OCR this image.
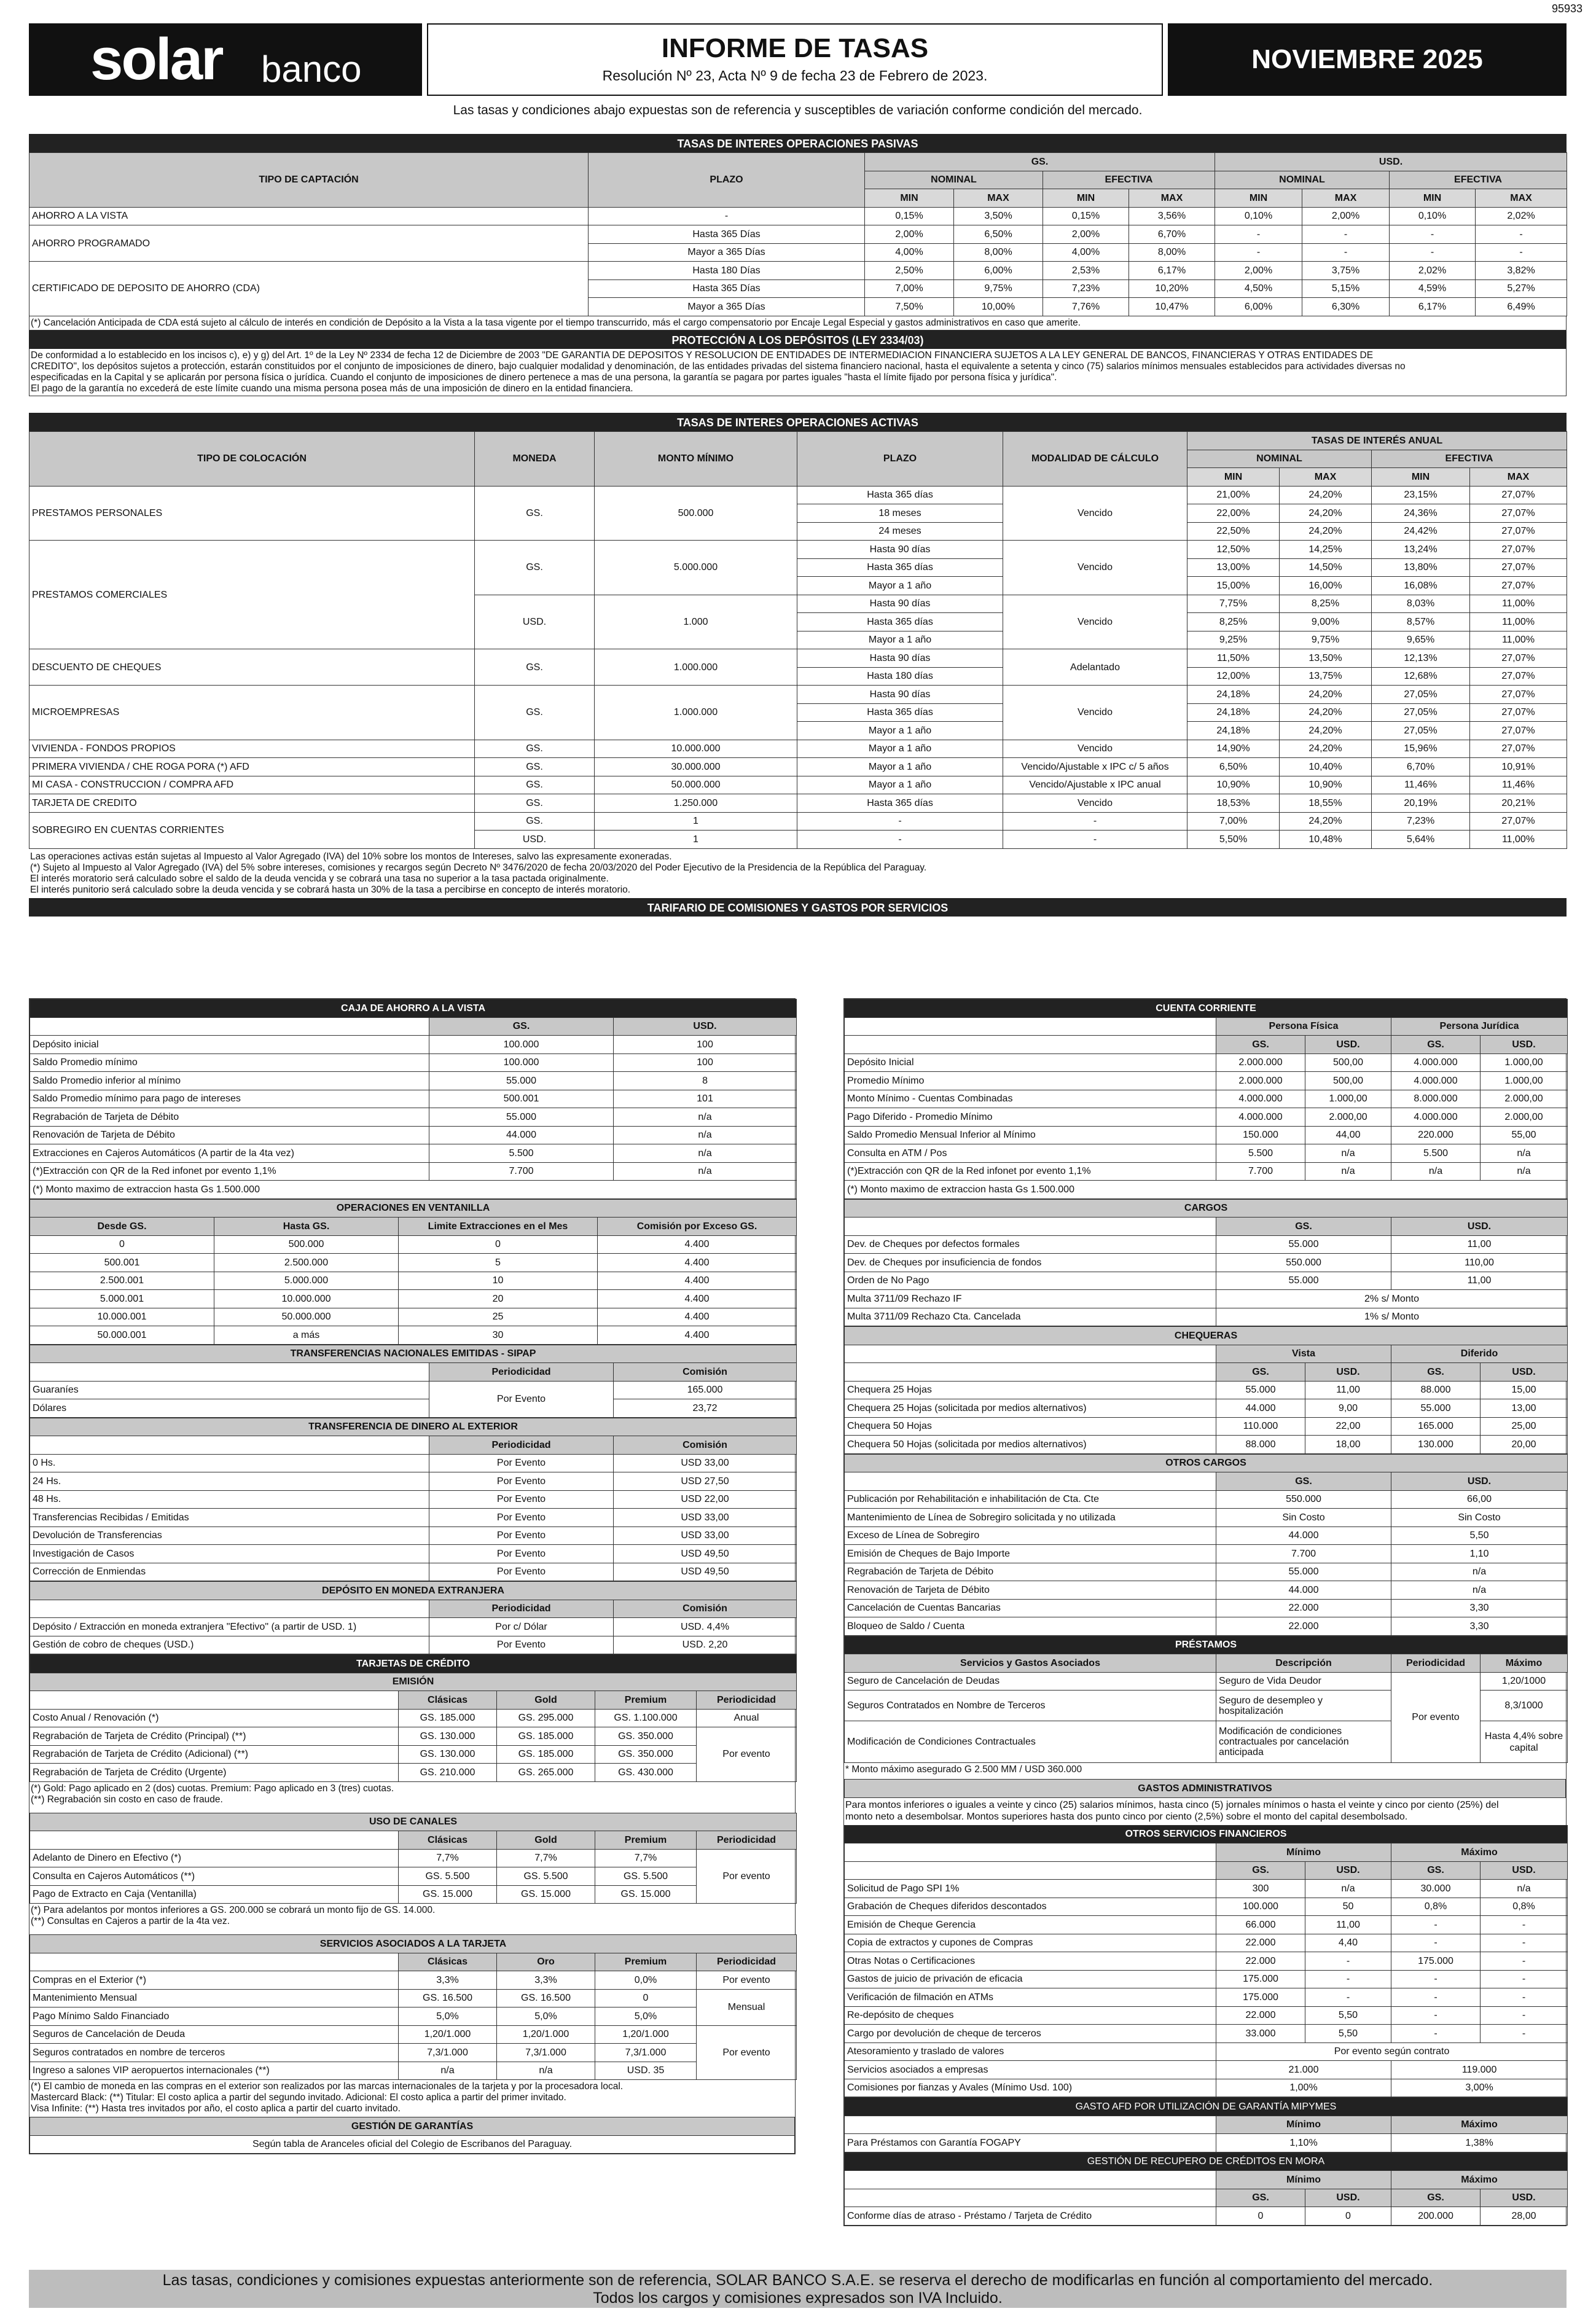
95933
solar banco
INFORME DE TASAS
Resolución Nº 23, Acta Nº 9 de fecha 23 de Febrero de 2023.
NOVIEMBRE 2025
Las tasas y condiciones abajo expuestas son de referencia y susceptibles de variación conforme condición del mercado.
TASAS DE INTERES OPERACIONES PASIVAS
TIPO DE CAPTACIÓN	PLAZO	GS.				USD.			
		NOMINAL		EFECTIVA		NOMINAL		EFECTIVA	
		MIN	MAX	MIN	MAX	MIN	MAX	MIN	MAX
AHORRO A LA VISTA	-	0,15%	3,50%	0,15%	3,56%	0,10%	2,00%	0,10%	2,02%
AHORRO PROGRAMADO	Hasta 365 Días	2,00%	6,50%	2,00%	6,70%	-	-	-	-
	Mayor a 365 Días	4,00%	8,00%	4,00%	8,00%	-	-	-	-
CERTIFICADO DE DEPOSITO DE AHORRO (CDA)	Hasta 180 Días	2,50%	6,00%	2,53%	6,17%	2,00%	3,75%	2,02%	3,82%
	Hasta 365 Días	7,00%	9,75%	7,23%	10,20%	4,50%	5,15%	4,59%	5,27%
	Mayor a 365 Días	7,50%	10,00%	7,76%	10,47%	6,00%	6,30%	6,17%	6,49%
(*) Cancelación Anticipada de CDA está sujeto al cálculo de interés en condición de Depósito a la Vista a la tasa vigente por el tiempo transcurrido, más el cargo compensatorio por Encaje Legal Especial y gastos administrativos en caso que amerite.
PROTECCIÓN A LOS DEPÓSITOS (LEY 2334/03)
De conformidad a lo establecido en los incisos c), e) y g) del Art. 1º de la Ley Nº 2334 de fecha 12 de Diciembre de 2003 "DE GARANTIA DE DEPOSITOS Y RESOLUCION DE ENTIDADES DE INTERMEDIACION FINANCIERA SUJETOS A LA LEY GENERAL DE BANCOS, FINANCIERAS Y OTRAS ENTIDADES DE
CREDITO", los depósitos sujetos a protección, estarán constituidos por el conjunto de imposiciones de dinero, bajo cualquier modalidad y denominación, de las entidades privadas del sistema financiero nacional, hasta el equivalente a setenta y cinco (75) salarios mínimos mensuales establecidos para actividades diversas no
especificadas en la Capital y se aplicarán por persona física o jurídica. Cuando el conjunto de imposiciones de dinero pertenece a mas de una persona, la garantía se pagara por partes iguales "hasta el límite fijado por persona física y jurídica".
El pago de la garantía no excederá de este límite cuando una misma persona posea más de una imposición de dinero en la entidad financiera.
TASAS DE INTERES OPERACIONES ACTIVAS
TIPO DE COLOCACIÓN	MONEDA	MONTO MÍNIMO	PLAZO	MODALIDAD DE CÁLCULO	TASAS DE INTERÉS ANUAL			
					NOMINAL		EFECTIVA	
					MIN	MAX	MIN	MAX
PRESTAMOS PERSONALES	GS.	500.000	Hasta 365 días	Vencido	21,00%	24,20%	23,15%	27,07%
			18 meses		22,00%	24,20%	24,36%	27,07%
			24 meses		22,50%	24,20%	24,42%	27,07%
PRESTAMOS COMERCIALES	GS.	5.000.000	Hasta 90 días	Vencido	12,50%	14,25%	13,24%	27,07%
			Hasta 365 días		13,00%	14,50%	13,80%	27,07%
			Mayor a 1 año		15,00%	16,00%	16,08%	27,07%
	USD.	1.000	Hasta 90 días	Vencido	7,75%	8,25%	8,03%	11,00%
			Hasta 365 días		8,25%	9,00%	8,57%	11,00%
			Mayor a 1 año		9,25%	9,75%	9,65%	11,00%
DESCUENTO DE CHEQUES	GS.	1.000.000	Hasta 90 días	Adelantado	11,50%	13,50%	12,13%	27,07%
			Hasta 180 días		12,00%	13,75%	12,68%	27,07%
MICROEMPRESAS	GS.	1.000.000	Hasta 90 días	Vencido	24,18%	24,20%	27,05%	27,07%
			Hasta 365 días		24,18%	24,20%	27,05%	27,07%
			Mayor a 1 año		24,18%	24,20%	27,05%	27,07%
VIVIENDA - FONDOS PROPIOS	GS.	10.000.000	Mayor a 1 año	Vencido	14,90%	24,20%	15,96%	27,07%
PRIMERA VIVIENDA / CHE ROGA PORA (*) AFD	GS.	30.000.000	Mayor a 1 año	Vencido/Ajustable x IPC c/ 5 años	6,50%	10,40%	6,70%	10,91%
MI CASA - CONSTRUCCION / COMPRA AFD	GS.	50.000.000	Mayor a 1 año	Vencido/Ajustable x IPC anual	10,90%	10,90%	11,46%	11,46%
TARJETA DE CREDITO	GS.	1.250.000	Hasta 365 días	Vencido	18,53%	18,55%	20,19%	20,21%
SOBREGIRO EN CUENTAS CORRIENTES	GS.	1	-	-	7,00%	24,20%	7,23%	27,07%
	USD.	1	-	-	5,50%	10,48%	5,64%	11,00%
Las operaciones activas están sujetas al Impuesto al Valor Agregado (IVA) del 10% sobre los montos de Intereses, salvo las expresamente exoneradas.
(*) Sujeto al Impuesto al Valor Agregado (IVA) del 5% sobre intereses, comisiones y recargos según Decreto Nº 3476/2020 de fecha 20/03/2020 del Poder Ejecutivo de la Presidencia de la República del Paraguay.
El interés moratorio será calculado sobre el saldo de la deuda vencida y se cobrará una tasa no superior a la tasa pactada originalmente.
El interés punitorio será calculado sobre la deuda vencida y se cobrará hasta un 30% de la tasa a percibirse en concepto de interés moratorio.
TARIFARIO DE COMISIONES Y GASTOS POR SERVICIOS
CAJA DE AHORRO A LA VISTA		
	GS.	USD.
Depósito inicial	100.000	100
Saldo Promedio mínimo	100.000	100
Saldo Promedio inferior al mínimo	55.000	8
Saldo Promedio mínimo para pago de intereses	500.001	101
Regrabación de Tarjeta de Débito	55.000	n/a
Renovación de Tarjeta de Débito	44.000	n/a
Extracciones en Cajeros Automáticos (A partir de la 4ta vez)	5.500	n/a
(*)Extracción con QR de la Red infonet por evento 1,1%	7.700	n/a
(*) Monto maximo de extraccion hasta Gs 1.500.000		
OPERACIONES EN VENTANILLA			
Desde GS.	Hasta GS.	Limite Extracciones en el Mes	Comisión por Exceso GS.
0	500.000	0	4.400
500.001	2.500.000	5	4.400
2.500.001	5.000.000	10	4.400
5.000.001	10.000.000	20	4.400
10.000.001	50.000.000	25	4.400
50.000.001	a más	30	4.400
TRANSFERENCIAS NACIONALES EMITIDAS - SIPAP		
	Periodicidad	Comisión
Guaraníes	Por Evento	165.000
Dólares		23,72
TRANSFERENCIA DE DINERO AL EXTERIOR		
	Periodicidad	Comisión
0 Hs.	Por Evento	USD 33,00
24 Hs.	Por Evento	USD 27,50
48 Hs.	Por Evento	USD 22,00
Transferencias Recibidas / Emitidas	Por Evento	USD 33,00
Devolución de Transferencias	Por Evento	USD 33,00
Investigación de Casos	Por Evento	USD 49,50
Corrección de Enmiendas	Por Evento	USD 49,50
DEPÓSITO EN MONEDA EXTRANJERA		
	Periodicidad	Comisión
Depósito / Extracción en moneda extranjera "Efectivo" (a partir de USD. 1)	Por c/ Dólar	USD. 4,4%
Gestión de cobro de cheques (USD.)	Por Evento	USD. 2,20
TARJETAS DE CRÉDITO				
EMISIÓN				
	Clásicas	Gold	Premium	Periodicidad
Costo Anual / Renovación (*)	GS. 185.000	GS. 295.000	GS. 1.100.000	Anual
Regrabación de Tarjeta de Crédito (Principal) (**)	GS. 130.000	GS. 185.000	GS. 350.000	Por evento
Regrabación de Tarjeta de Crédito (Adicional) (**)	GS. 130.000	GS. 185.000	GS. 350.000	
Regrabación de Tarjeta de Crédito (Urgente)	GS. 210.000	GS. 265.000	GS. 430.000	
(*) Gold: Pago aplicado en 2 (dos) cuotas. Premium: Pago aplicado en 3 (tres) cuotas.
(**) Regrabación sin costo en caso de fraude.
USO DE CANALES				
	Clásicas	Gold	Premium	Periodicidad
Adelanto de Dinero en Efectivo (*)	7,7%	7,7%	7,7%	Por evento
Consulta en Cajeros Automáticos (**)	GS. 5.500	GS. 5.500	GS. 5.500	
Pago de Extracto en Caja (Ventanilla)	GS. 15.000	GS. 15.000	GS. 15.000	
(*) Para adelantos por montos inferiores a GS. 200.000 se cobrará un monto fijo de GS. 14.000.
(**) Consultas en Cajeros a partir de la 4ta vez.
SERVICIOS ASOCIADOS A LA TARJETA				
	Clásicas	Oro	Premium	Periodicidad
Compras en el Exterior (*)	3,3%	3,3%	0,0%	Por evento
Mantenimiento Mensual	GS. 16.500	GS. 16.500	0	Mensual
Pago Mínimo Saldo Financiado	5,0%	5,0%	5,0%	
Seguros de Cancelación de Deuda	1,20/1.000	1,20/1.000	1,20/1.000	Por evento
Seguros contratados en nombre de terceros	7,3/1.000	7,3/1.000	7,3/1.000	
Ingreso a salones VIP aeropuertos internacionales (**)	n/a	n/a	USD. 35	
(*) El cambio de moneda en las compras en el exterior son realizados por las marcas internacionales de la tarjeta y por la procesadora local.
Mastercard Black: (**) Titular: El costo aplica a partir del segundo invitado. Adicional: El costo aplica a partir del primer invitado.
Visa Infinite: (**) Hasta tres invitados por año, el costo aplica a partir del cuarto invitado.
GESTIÓN DE GARANTÍAS
Según tabla de Aranceles oficial del Colegio de Escribanos del Paraguay.
CUENTA CORRIENTE				
	Persona Física		Persona Jurídica	
	GS.	USD.	GS.	USD.
Depósito Inicial	2.000.000	500,00	4.000.000	1.000,00
Promedio Mínimo	2.000.000	500,00	4.000.000	1.000,00
Monto Mínimo - Cuentas Combinadas	4.000.000	1.000,00	8.000.000	2.000,00
Pago Diferido - Promedio Mínimo	4.000.000	2.000,00	4.000.000	2.000,00
Saldo Promedio Mensual Inferior al Mínimo	150.000	44,00	220.000	55,00
Consulta en ATM / Pos	5.500	n/a	5.500	n/a
(*)Extracción con QR de la Red infonet por evento 1,1%	7.700	n/a	n/a	n/a
(*) Monto maximo de extraccion hasta Gs 1.500.000				
CARGOS		
	GS.	USD.
Dev. de Cheques por defectos formales	55.000	11,00
Dev. de Cheques por insuficiencia de fondos	550.000	110,00
Orden de No Pago	55.000	11,00
Multa 3711/09 Rechazo IF	2% s/ Monto	
Multa 3711/09 Rechazo Cta. Cancelada	1% s/ Monto	
CHEQUERAS				
	Vista		Diferido	
	GS.	USD.	GS.	USD.
Chequera 25 Hojas	55.000	11,00	88.000	15,00
Chequera 25 Hojas (solicitada por medios alternativos)	44.000	9,00	55.000	13,00
Chequera 50 Hojas	110.000	22,00	165.000	25,00
Chequera 50 Hojas (solicitada por medios alternativos)	88.000	18,00	130.000	20,00
OTROS CARGOS		
	GS.	USD.
Publicación por Rehabilitación e inhabilitación de Cta. Cte	550.000	66,00
Mantenimiento de Línea de Sobregiro solicitada y no utilizada	Sin Costo	Sin Costo
Exceso de Línea de Sobregiro	44.000	5,50
Emisión de Cheques de Bajo Importe	7.700	1,10
Regrabación de Tarjeta de Débito	55.000	n/a
Renovación de Tarjeta de Débito	44.000	n/a
Cancelación de Cuentas Bancarias	22.000	3,30
Bloqueo de Saldo / Cuenta	22.000	3,30
PRÉSTAMOS			
Servicios y Gastos Asociados	Descripción	Periodicidad	Máximo
Seguro de Cancelación de Deudas	Seguro de Vida Deudor	Por evento	1,20/1000
Seguros Contratados en Nombre de Terceros	Seguro de desempleo y hospitalización		8,3/1000
Modificación de Condiciones Contractuales	Modificación de condiciones contractuales por cancelación anticipada		Hasta 4,4% sobre capital
* Monto máximo asegurado G 2.500 MM / USD 360.000
GASTOS ADMINISTRATIVOS
Para montos inferiores o iguales a veinte y cinco (25) salarios mínimos, hasta cinco (5) jornales mínimos o hasta el veinte y cinco por ciento (25%) del
monto neto a desembolsar. Montos superiores hasta dos punto cinco por ciento (2,5%) sobre el monto del capital desembolsado.
OTROS SERVICIOS FINANCIEROS				
	Mínimo		Máximo	
	GS.	USD.	GS.	USD.
Solicitud de Pago SPI 1%	300	n/a	30.000	n/a
Grabación de Cheques diferidos descontados	100.000	50	0,8%	0,8%
Emisión de Cheque Gerencia	66.000	11,00	-	-
Copia de extractos y cupones de Compras	22.000	4,40	-	-
Otras Notas o Certificaciones	22.000	-	175.000	-
Gastos de juicio de privación de eficacia	175.000	-	-	-
Verificación de filmación en ATMs	175.000	-	-	-
Re-depósito de cheques	22.000	5,50	-	-
Cargo por devolución de cheque de terceros	33.000	5,50	-	-
Atesoramiento y traslado de valores	Por evento según contrato			
Servicios asociados a empresas	21.000		119.000	
Comisiones por fianzas y Avales (Mínimo Usd. 100)	1,00%		3,00%	
GASTO AFD POR UTILIZACIÓN DE GARANTÍA MIPYMES		
	Mínimo	Máximo
Para Préstamos con Garantía FOGAPY	1,10%	1,38%
GESTIÓN DE RECUPERO DE CRÉDITOS EN MORA				
	Mínimo		Máximo	
	GS.	USD.	GS.	USD.
Conforme días de atraso - Préstamo / Tarjeta de Crédito	0	0	200.000	28,00
Las tasas, condiciones y comisiones expuestas anteriormente son de referencia, SOLAR BANCO S.A.E. se reserva el derecho de modificarlas en función al comportamiento del mercado.
Todos los cargos y comisiones expresados son IVA Incluido.
